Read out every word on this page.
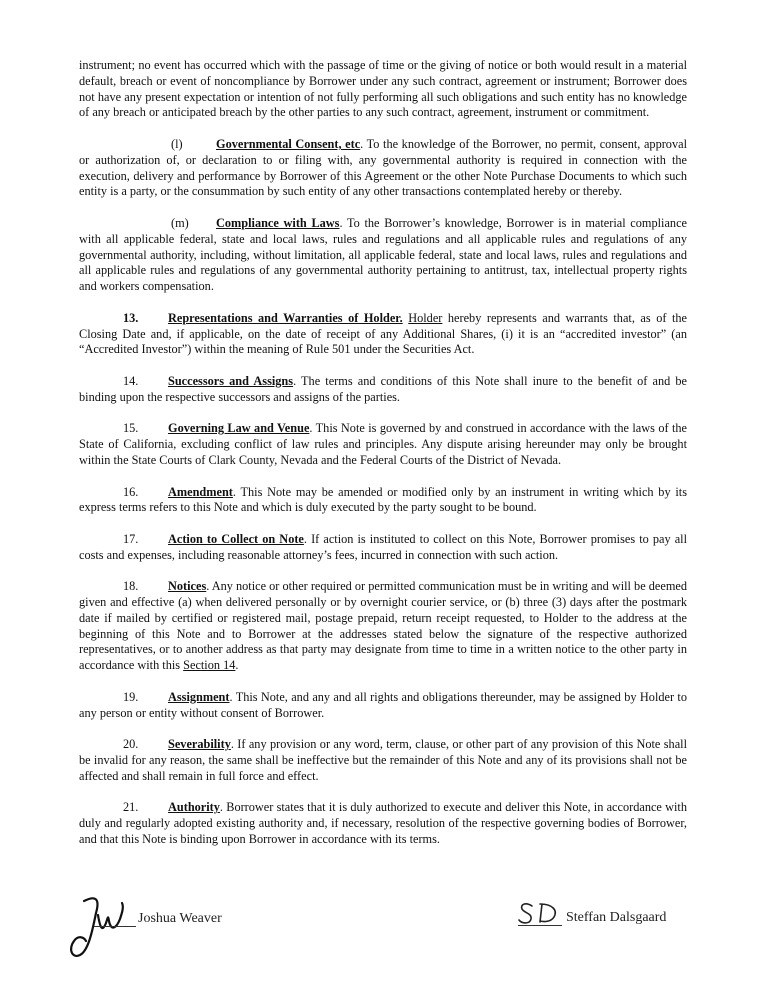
instrument; no event has occurred which with the passage of time or the giving of notice or both would result in a material default, breach or event of noncompliance by Borrower under any such contract, agreement or instrument; Borrower does not have any present expectation or intention of not fully performing all such obligations and such entity has no knowledge of any breach or anticipated breach by the other parties to any such contract, agreement, instrument or commitment.

(l)	Governmental Consent, etc. To the knowledge of the Borrower, no permit, consent, approval or authorization of, or declaration to or filing with, any governmental authority is required in connection with the execution, delivery and performance by Borrower of this Agreement or the other Note Purchase Documents to which such entity is a party, or the consummation by such entity of any other transactions contemplated hereby or thereby.

(m) Compliance with Laws. To the Borrower’s knowledge, Borrower is in material compliance with all applicable federal, state and local laws, rules and regulations and all applicable rules and regulations of any governmental authority, including, without limitation, all applicable federal, state and local laws, rules and regulations and all applicable rules and regulations of any governmental authority pertaining to antitrust, tax, intellectual property rights and workers compensation.

13. Representations and Warranties of Holder. Holder hereby represents and warrants that, as of the Closing Date and, if applicable, on the date of receipt of any Additional Shares, (i) it is an “accredited investor” (an “Accredited Investor”) within the meaning of Rule 501 under the Securities Act.

14. Successors and Assigns. The terms and conditions of this Note shall inure to the benefit of and be binding upon the respective successors and assigns of the parties.

15. Governing Law and Venue. This Note is governed by and construed in accordance with the laws of the State of California, excluding conflict of law rules and principles. Any dispute arising hereunder may only be brought within the State Courts of Clark County, Nevada and the Federal Courts of the District of Nevada.

16. Amendment. This Note may be amended or modified only by an instrument in writing which by its express terms refers to this Note and which is duly executed by the party sought to be bound.

17. Action to Collect on Note. If action is instituted to collect on this Note, Borrower promises to pay all costs and expenses, including reasonable attorney’s fees, incurred in connection with such action.

18. Notices. Any notice or other required or permitted communication must be in writing and will be deemed given and effective (a) when delivered personally or by overnight courier service, or (b) three (3) days after the postmark date if mailed by certified or registered mail, postage prepaid, return receipt requested, to Holder to the address at the beginning of this Note and to Borrower at the addresses stated below the signature of the respective authorized representatives, or to another address as that party may designate from time to time in a written notice to the other party in accordance with this Section 14.

19. Assignment. This Note, and any and all rights and obligations thereunder, may be assigned by Holder to any person or entity without consent of Borrower.

20. Severability. If any provision or any word, term, clause, or other part of any provision of this Note shall be invalid for any reason, the same shall be ineffective but the remainder of this Note and any of its provisions shall not be affected and shall remain in full force and effect.

21. Authority. Borrower states that it is duly authorized to execute and deliver this Note, in accordance with duly and regularly adopted existing authority and, if necessary, resolution of the respective governing bodies of Borrower, and that this Note is binding upon Borrower in accordance with its terms.

Joshua Weaver	Steffan Dalsgaard
